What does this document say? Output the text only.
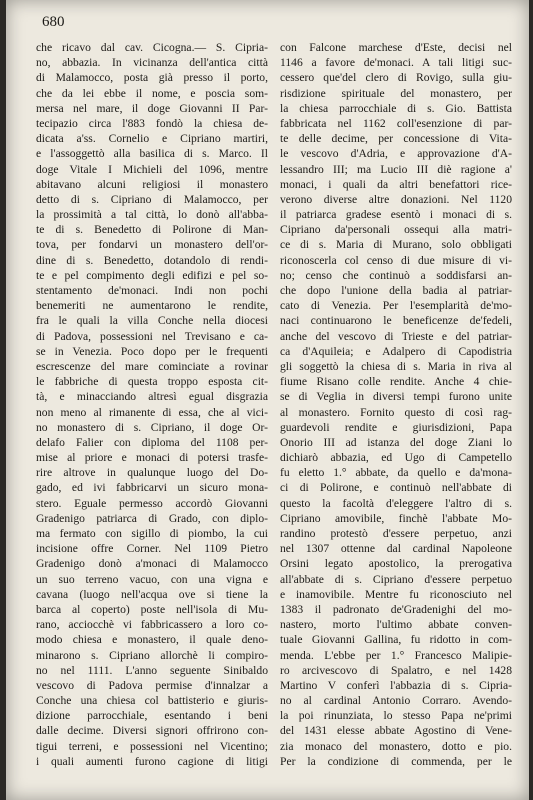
680
che ricavo dal cav. Cicogna.— S. Cipria-
no, abbazia. In vicinanza dell'antica città
di Malamocco, posta già presso il porto,
che da lei ebbe il nome, e poscia som-
mersa nel mare, il doge Giovanni II Par-
tecipazio circa l'883 fondò la chiesa de-
dicata a'ss. Cornelio e Cipriano martiri,
e l'assoggettò alla basilica di s. Marco. Il
doge Vitale I Michieli del 1096, mentre
abitavano alcuni religiosi il monastero
detto di s. Cipriano di Malamocco, per
la prossimità a tal città, lo donò all'abba-
te di s. Benedetto di Polirone di Man-
tova, per fondarvi un monastero dell'or-
dine di s. Benedetto, dotandolo di rendi-
te e pel compimento degli edifizi e pel so-
stentamento de'monaci. Indi non pochi
benemeriti ne aumentarono le rendite,
fra le quali la villa Conche nella diocesi
di Padova, possessioni nel Trevisano e ca-
se in Venezia. Poco dopo per le frequenti
escrescenze del mare cominciate a rovinar
le fabbriche di questa troppo esposta cit-
tà, e minacciando altresì egual disgrazia
non meno al rimanente di essa, che al vici-
no monastero di s. Cipriano, il doge Or-
delafo Falier con diploma del 1108 per-
mise al priore e monaci di potersi trasfe-
rire altrove in qualunque luogo del Do-
gado, ed ivi fabbricarvi un sicuro mona-
stero. Eguale permesso accordò Giovanni
Gradenigo patriarca di Grado, con diplo-
ma fermato con sigillo di piombo, la cui
incisione offre Corner. Nel 1109 Pietro
Gradenigo donò a'monaci di Malamocco
un suo terreno vacuo, con una vigna e
cavana (luogo nell'acqua ove si tiene la
barca al coperto) poste nell'isola di Mu-
rano, acciocchè vi fabbricassero a loro co-
modo chiesa e monastero, il quale deno-
minarono s. Cipriano allorchè li compiro-
no nel 1111. L'anno seguente Sinibaldo
vescovo di Padova permise d'innalzar a
Conche una chiesa col battisterio e giuris-
dizione parrocchiale, esentando i beni
dalle decime. Diversi signori offrirono con-
tigui terreni, e possessioni nel Vicentino;
i quali aumenti furono cagione di litigi
con Falcone marchese d'Este, decisi nel
1146 a favore de'monaci. A tali litigi suc-
cessero que'del clero di Rovigo, sulla giu-
risdizione spirituale del monastero, per
la chiesa parrocchiale di s. Gio. Battista
fabbricata nel 1162 coll'esenzione di par-
te delle decime, per concessione di Vita-
le vescovo d'Adria, e approvazione d'A-
lessandro III; ma Lucio III diè ragione a'
monaci, i quali da altri benefattori rice-
verono diverse altre donazioni. Nel 1120
il patriarca gradese esentò i monaci di s.
Cipriano da'personali ossequi alla matri-
ce di s. Maria di Murano, solo obbligati
riconoscerla col censo di due misure di vi-
no; censo che continuò a soddisfarsi an-
che dopo l'unione della badia al patriar-
cato di Venezia. Per l'esemplarità de'mo-
naci continuarono le beneficenze de'fedeli,
anche del vescovo di Trieste e del patriar-
ca d'Aquileia; e Adalpero di Capodistria
gli soggettò la chiesa di s. Maria in riva al
fiume Risano colle rendite. Anche 4 chie-
se di Veglia in diversi tempi furono unite
al monastero. Fornito questo di così rag-
guardevoli rendite e giurisdizioni, Papa
Onorio III ad istanza del doge Ziani lo
dichiarò abbazia, ed Ugo di Campetello
fu eletto 1.° abbate, da quello e da'mona-
ci di Polirone, e continuò nell'abbate di
questo la facoltà d'eleggere l'altro di s.
Cipriano amovibile, finchè l'abbate Mo-
randino protestò d'essere perpetuo, anzi
nel 1307 ottenne dal cardinal Napoleone
Orsini legato apostolico, la prerogativa
all'abbate di s. Cipriano d'essere perpetuo
e inamovibile. Mentre fu riconosciuto nel
1383 il padronato de'Gradenighi del mo-
nastero, morto l'ultimo abbate conven-
tuale Giovanni Gallina, fu ridotto in com-
menda. L'ebbe per 1.° Francesco Malipie-
ro arcivescovo di Spalatro, e nel 1428
Martino V conferì l'abbazia di s. Cipria-
no al cardinal Antonio Corraro. Avendo-
la poi rinunziata, lo stesso Papa ne'primi
del 1431 elesse abbate Agostino di Vene-
zia monaco del monastero, dotto e pio.
Per la condizione di commenda, per le
